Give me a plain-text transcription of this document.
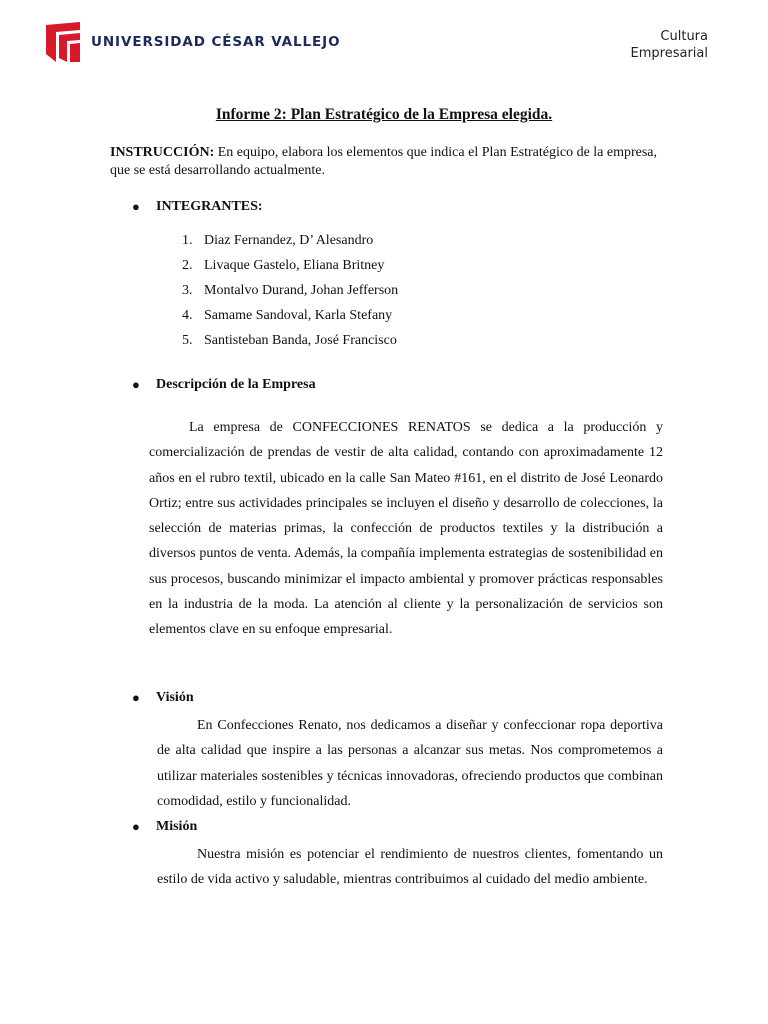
UNIVERSIDAD CÉSAR VALLEJO	Cultura
Empresarial
Informe 2: Plan Estratégico de la Empresa elegida.
INSTRUCCIÓN: En equipo, elabora los elementos que indica el Plan Estratégico de la empresa, que se está desarrollando actualmente.
● INTEGRANTES:
1. Diaz Fernandez, D’ Alesandro
2. Livaque Gastelo, Eliana Britney
3. Montalvo Durand, Johan Jefferson
4. Samame Sandoval, Karla Stefany
5. Santisteban Banda, José Francisco
● Descripción de la Empresa

La empresa de CONFECCIONES RENATOS se dedica a la producción y comercialización de prendas de vestir de alta calidad, contando con aproximadamente 12 años en el rubro textil, ubicado en la calle San Mateo #161, en el distrito de José Leonardo Ortiz; entre sus actividades principales se incluyen el diseño y desarrollo de colecciones, la selección de materias primas, la confección de productos textiles y la distribución a diversos puntos de venta. Además, la compañía implementa estrategias de sostenibilidad en sus procesos, buscando minimizar el impacto ambiental y promover prácticas responsables en la industria de la moda. La atención al cliente y la personalización de servicios son elementos clave en su enfoque empresarial.

● Visión

En Confecciones Renato, nos dedicamos a diseñar y confeccionar ropa deportiva de alta calidad que inspire a las personas a alcanzar sus metas. Nos comprometemos a utilizar materiales sostenibles y técnicas innovadoras, ofreciendo productos que combinan comodidad, estilo y funcionalidad.

● Misión

Nuestra misión es potenciar el rendimiento de nuestros clientes, fomentando un estilo de vida activo y saludable, mientras contribuimos al cuidado del medio ambiente.
